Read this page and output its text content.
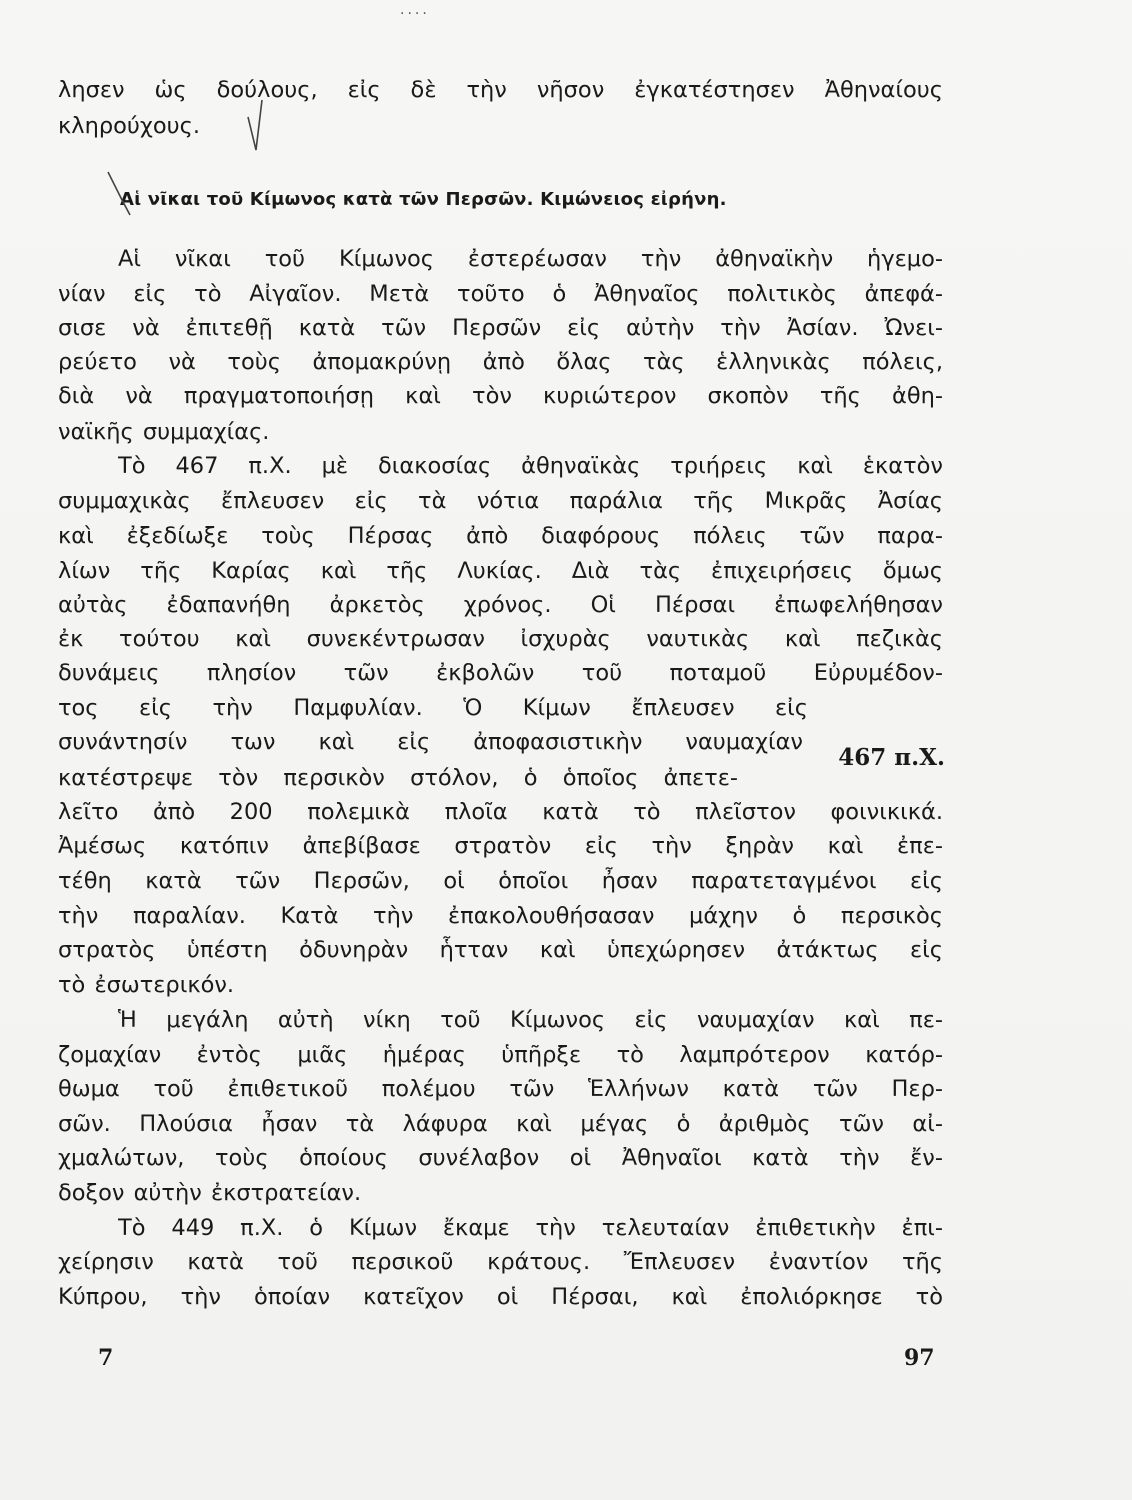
....
λησεν ὡς δούλους, εἰς δὲ τὴν νῆσον ἐγκατέστησεν Ἀθηναίους
κληρούχους.
Αἱ νῖκαι τοῦ Κίμωνος κατὰ τῶν Περσῶν. Κιμώνειος εἰρήνη.
Αἱ νῖκαι τοῦ Κίμωνος ἐστερέωσαν τὴν ἀθηναϊκὴν ἡγεμο-
νίαν εἰς τὸ Αἰγαῖον. Μετὰ τοῦτο ὁ Ἀθηναῖος πολιτικὸς ἀπεφά-
σισε νὰ ἐπιτεθῇ κατὰ τῶν Περσῶν εἰς αὐτὴν τὴν Ἀσίαν. Ὠνει-
ρεύετο νὰ τοὺς ἀπομακρύνῃ ἀπὸ ὅλας τὰς ἑλληνικὰς πόλεις,
διὰ νὰ πραγματοποιήσῃ καὶ τὸν κυριώτερον σκοπὸν τῆς ἀθη-
ναϊκῆς συμμαχίας.
Τὸ 467 π.Χ. μὲ διακοσίας ἀθηναϊκὰς τριήρεις καὶ ἑκατὸν
συμμαχικὰς ἔπλευσεν εἰς τὰ νότια παράλια τῆς Μικρᾶς Ἀσίας
καὶ ἐξεδίωξε τοὺς Πέρσας ἀπὸ διαφόρους πόλεις τῶν παρα-
λίων τῆς Καρίας καὶ τῆς Λυκίας. Διὰ τὰς ἐπιχειρήσεις ὅμως
αὐτὰς ἐδαπανήθη ἀρκετὸς χρόνος. Οἱ Πέρσαι ἐπωφελήθησαν
ἐκ τούτου καὶ συνεκέντρωσαν ἰσχυρὰς ναυτικὰς καὶ πεζικὰς
δυνάμεις πλησίον τῶν ἐκβολῶν τοῦ ποταμοῦ Εὐρυμέδον-
τος εἰς τὴν Παμφυλίαν. Ὁ Κίμων ἔπλευσεν εἰς
συνάντησίν των καὶ εἰς ἀποφασιστικὴν ναυμαχίαν
467 π.Χ.
κατέστρεψε τὸν περσικὸν στόλον, ὁ ὁποῖος ἀπετε-
λεῖτο ἀπὸ 200 πολεμικὰ πλοῖα κατὰ τὸ πλεῖστον φοινικικά.
Ἀμέσως κατόπιν ἀπεβίβασε στρατὸν εἰς τὴν ξηρὰν καὶ ἐπε-
τέθη κατὰ τῶν Περσῶν, οἱ ὁποῖοι ἦσαν παρατεταγμένοι εἰς
τὴν παραλίαν. Κατὰ τὴν ἐπακολουθήσασαν μάχην ὁ περσικὸς
στρατὸς ὑπέστη ὀδυνηρὰν ἧτταν καὶ ὑπεχώρησεν ἀτάκτως εἰς
τὸ ἐσωτερικόν.
Ἡ μεγάλη αὐτὴ νίκη τοῦ Κίμωνος εἰς ναυμαχίαν καὶ πε-
ζομαχίαν ἐντὸς μιᾶς ἡμέρας ὑπῆρξε τὸ λαμπρότερον κατόρ-
θωμα τοῦ ἐπιθετικοῦ πολέμου τῶν Ἑλλήνων κατὰ τῶν Περ-
σῶν. Πλούσια ἦσαν τὰ λάφυρα καὶ μέγας ὁ ἀριθμὸς τῶν αἰ-
χμαλώτων, τοὺς ὁποίους συνέλαβον οἱ Ἀθηναῖοι κατὰ τὴν ἔν-
δοξον αὐτὴν ἐκστρατείαν.
Τὸ 449 π.Χ. ὁ Κίμων ἔκαμε τὴν τελευταίαν ἐπιθετικὴν ἐπι-
χείρησιν κατὰ τοῦ περσικοῦ κράτους. Ἔπλευσεν ἐναντίον τῆς
Κύπρου, τὴν ὁποίαν κατεῖχον οἱ Πέρσαι, καὶ ἐπολιόρκησε τὸ
7	97
